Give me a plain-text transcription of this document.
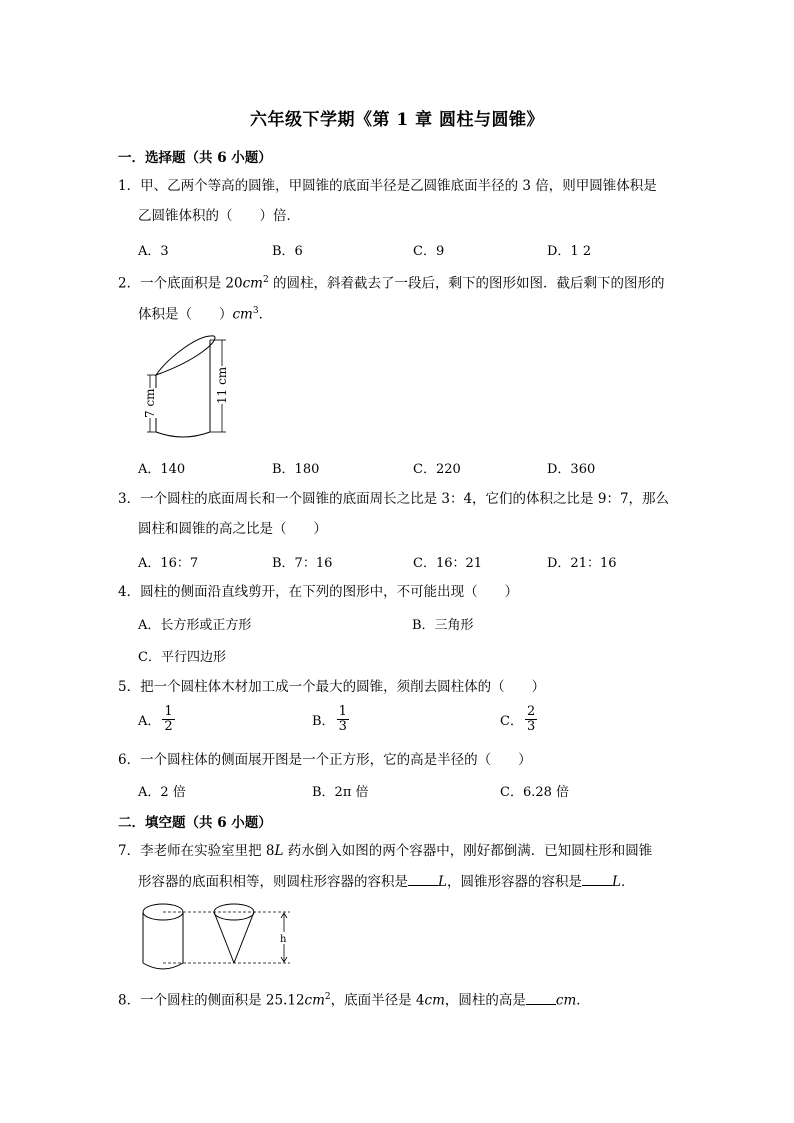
六年级下学期《第 1 章 圆柱与圆锥》
一．选择题（共 6 小题）
1．甲、乙两个等高的圆锥，甲圆锥的底面半径是乙圆锥底面半径的 3 倍，则甲圆锥体积是
乙圆锥体积的（　　）倍．
A．3	B．6	C．9	D．1 2
2．一个底面积是 $20cm^2$ 的圆柱，斜着截去了一段后，剩下的图形如图．截后剩下的图形的
体积是（　　）$cm^3$．
7 cm	11 cm
A．140	B．180	C．220	D．360
3．一个圆柱的底面周长和一个圆锥的底面周长之比是 3：4，它们的体积之比是 9：7，那么
圆柱和圆锥的高之比是（　　）
A．16：7	B．7：16	C．16：21	D．21：16
4．圆柱的侧面沿直线剪开，在下列的图形中，不可能出现（　　）
A．长方形或正方形	B．三角形
C．平行四边形
5．把一个圆柱体木材加工成一个最大的圆锥，须削去圆柱体的（　　）
A． $\frac{1}{2}$	B． $\frac{1}{3}$	C． $\frac{2}{3}$
6．一个圆柱体的侧面展开图是一个正方形，它的高是半径的（　　）
A．2 倍	B．2π 倍	C．6.28 倍
二．填空题（共 6 小题）
7．李老师在实验室里把 8L 药水倒入如图的两个容器中，刚好都倒满．已知圆柱形和圆锥
形容器的底面积相等，则圆柱形容器的容积是 L，圆锥形容器的容积是 L．
h
8．一个圆柱的侧面积是 $25.12cm^2$，底面半径是 4cm，圆柱的高是 cm．
